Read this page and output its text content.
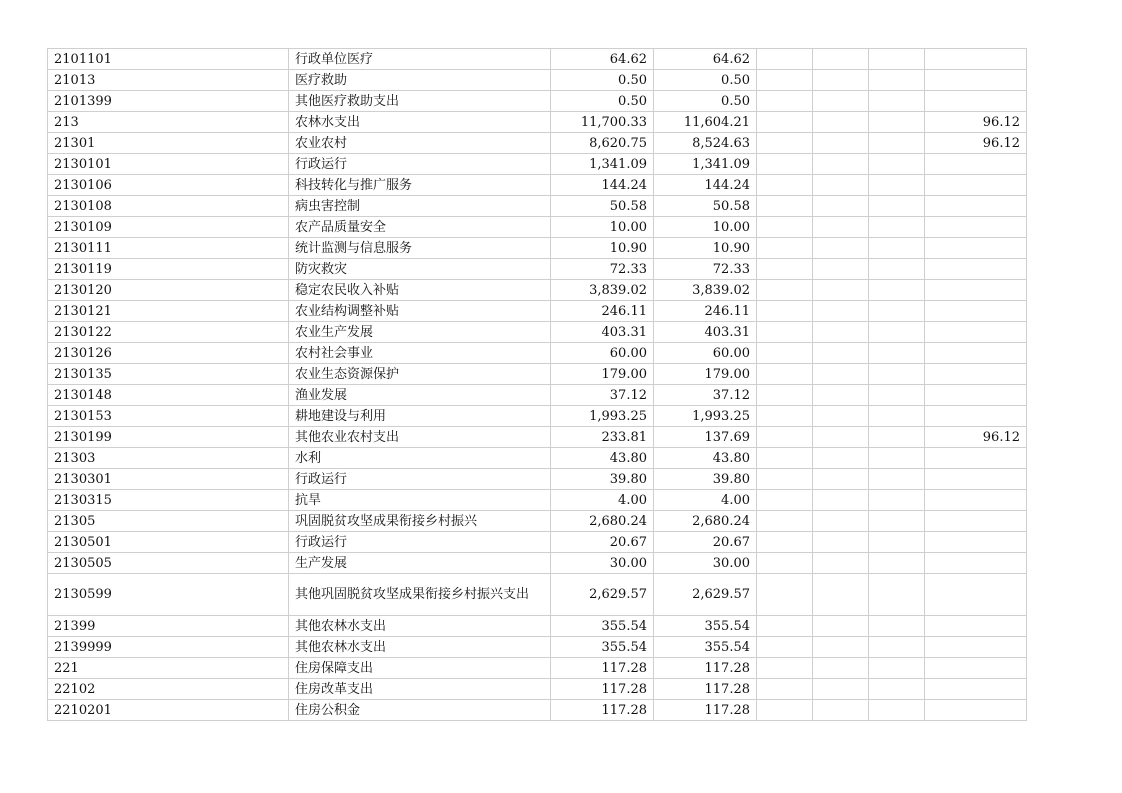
2101101	行政单位医疗	64.62	64.62				
21013	医疗救助	0.50	0.50				
2101399	其他医疗救助支出	0.50	0.50				
213	农林水支出	11,700.33	11,604.21				96.12
21301	农业农村	8,620.75	8,524.63				96.12
2130101	行政运行	1,341.09	1,341.09				
2130106	科技转化与推广服务	144.24	144.24				
2130108	病虫害控制	50.58	50.58				
2130109	农产品质量安全	10.00	10.00				
2130111	统计监测与信息服务	10.90	10.90				
2130119	防灾救灾	72.33	72.33				
2130120	稳定农民收入补贴	3,839.02	3,839.02				
2130121	农业结构调整补贴	246.11	246.11				
2130122	农业生产发展	403.31	403.31				
2130126	农村社会事业	60.00	60.00				
2130135	农业生态资源保护	179.00	179.00				
2130148	渔业发展	37.12	37.12				
2130153	耕地建设与利用	1,993.25	1,993.25				
2130199	其他农业农村支出	233.81	137.69				96.12
21303	水利	43.80	43.80				
2130301	行政运行	39.80	39.80				
2130315	抗旱	4.00	4.00				
21305	巩固脱贫攻坚成果衔接乡村振兴	2,680.24	2,680.24				
2130501	行政运行	20.67	20.67				
2130505	生产发展	30.00	30.00				
2130599	其他巩固脱贫攻坚成果衔接乡村振兴支出	2,629.57	2,629.57				
21399	其他农林水支出	355.54	355.54				
2139999	其他农林水支出	355.54	355.54				
221	住房保障支出	117.28	117.28				
22102	住房改革支出	117.28	117.28				
2210201	住房公积金	117.28	117.28				
